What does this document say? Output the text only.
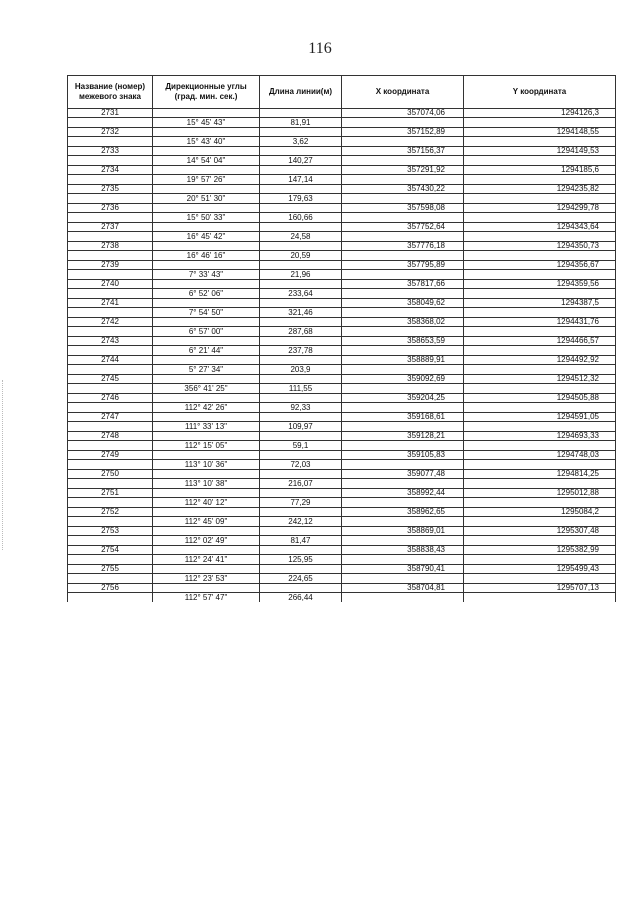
116
Название (номер) межевого знака	Дирекционные углы (град. мин. сек.)	Длина линии(м)	X координата	Y координата
2731			357074,06	1294126,3
	15° 45' 43"	81,91		
2732			357152,89	1294148,55
	15° 43' 40"	3,62		
2733			357156,37	1294149,53
	14° 54' 04"	140,27		
2734			357291,92	1294185,6
	19° 57' 26"	147,14		
2735			357430,22	1294235,82
	20° 51' 30"	179,63		
2736			357598,08	1294299,78
	15° 50' 33"	160,66		
2737			357752,64	1294343,64
	16° 45' 42"	24,58		
2738			357776,18	1294350,73
	16° 46' 16"	20,59		
2739			357795,89	1294356,67
	7° 33' 43"	21,96		
2740			357817,66	1294359,56
	6° 52' 06"	233,64		
2741			358049,62	1294387,5
	7° 54' 50"	321,46		
2742			358368,02	1294431,76
	6° 57' 00"	287,68		
2743			358653,59	1294466,57
	6° 21' 44"	237,78		
2744			358889,91	1294492,92
	5° 27' 34"	203,9		
2745			359092,69	1294512,32
	356° 41' 25"	111,55		
2746			359204,25	1294505,88
	112° 42' 26"	92,33		
2747			359168,61	1294591,05
	111° 33' 13"	109,97		
2748			359128,21	1294693,33
	112° 15' 05"	59,1		
2749			359105,83	1294748,03
	113° 10' 36"	72,03		
2750			359077,48	1294814,25
	113° 10' 38"	216,07		
2751			358992,44	1295012,88
	112° 40' 12"	77,29		
2752			358962,65	1295084,2
	112° 45' 09"	242,12		
2753			358869,01	1295307,48
	112° 02' 49"	81,47		
2754			358838,43	1295382,99
	112° 24' 41"	125,95		
2755			358790,41	1295499,43
	112° 23' 53"	224,65		
2756			358704,81	1295707,13
	112° 57' 47"	266,44		
